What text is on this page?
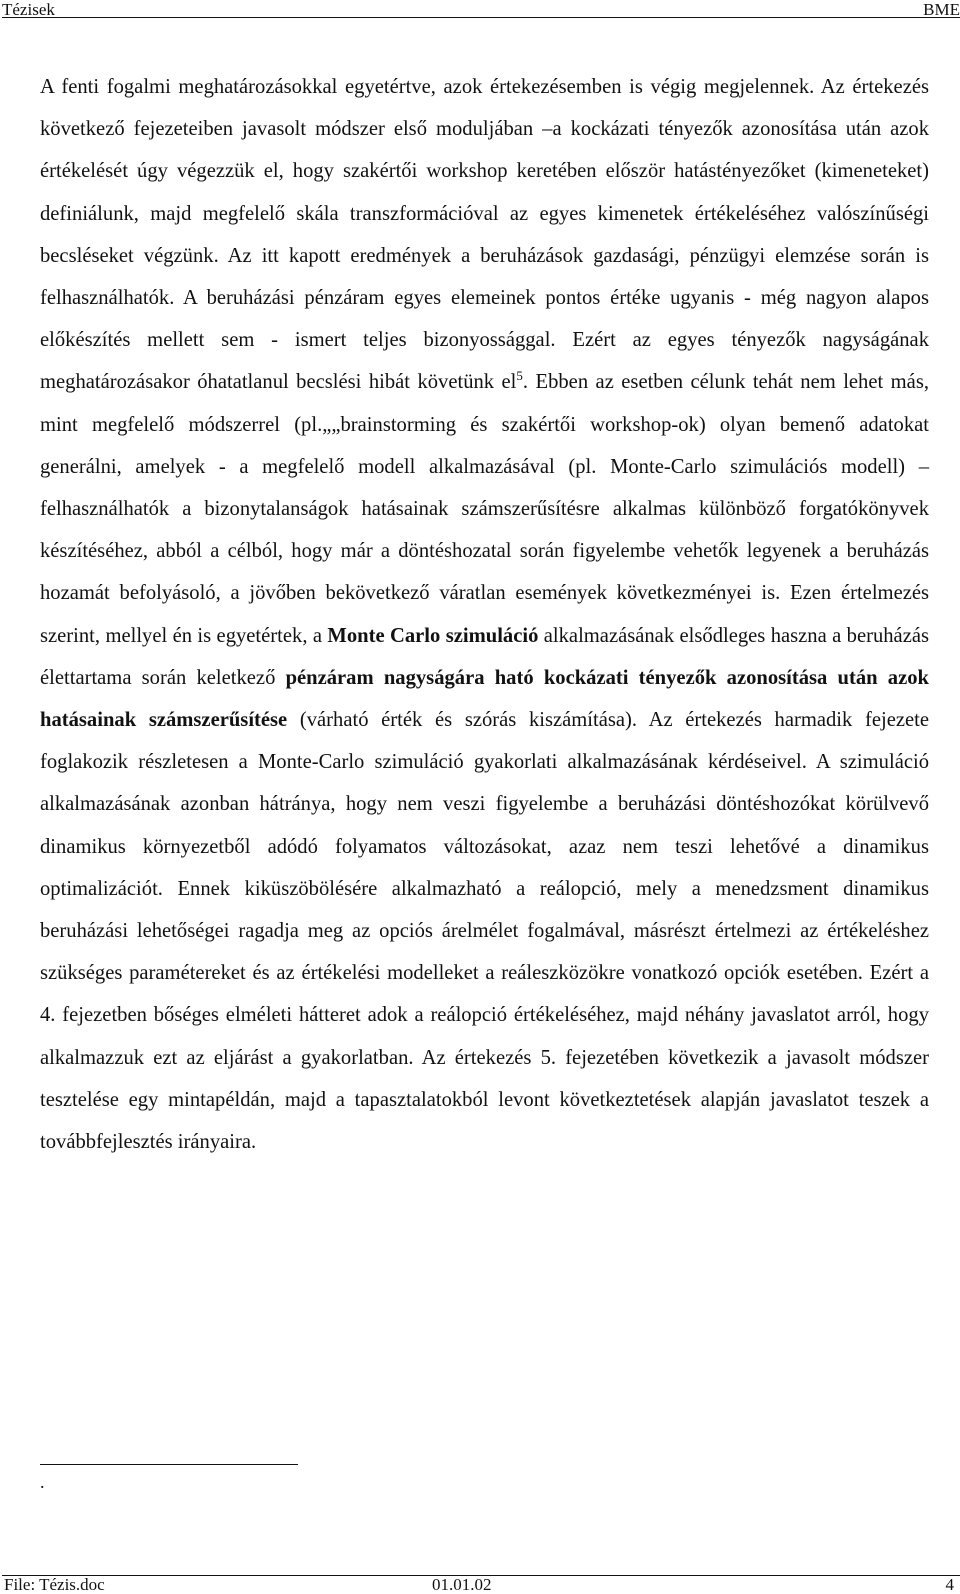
Tézisek	BME

A fenti fogalmi meghatározásokkal egyetértve, azok értekezésemben is végig megjelennek. Az értekezés következő fejezeteiben javasolt módszer első moduljában –a kockázati tényezők azonosítása után azok értékelését úgy végezzük el, hogy szakértői workshop keretében először hatástényezőket (kimeneteket) definiálunk, majd megfelelő skála transzformációval az egyes kimenetek értékeléséhez valószínűségi becsléseket végzünk. Az itt kapott eredmények a beruházások gazdasági, pénzügyi elemzése során is felhasználhatók. A beruházási pénzáram egyes elemeinek pontos értéke ugyanis - még nagyon alapos előkészítés mellett sem - ismert teljes bizonyossággal. Ezért az egyes tényezők nagyságának meghatározásakor óhatatlanul becslési hibát követünk $el^5$. Ebben az esetben célunk tehát nem lehet más, mint megfelelő módszerrel (pl.„„brainstorming és szakértői workshop-ok) olyan bemenő adatokat generálni, amelyek - a megfelelő modell alkalmazásával (pl. Monte-Carlo szimulációs modell) – felhasználhatók a bizonytalanságok hatásainak számszerűsítésre alkalmas különböző forgatókönyvek készítéséhez, abból a célból, hogy már a döntéshozatal során figyelembe vehetők legyenek a beruházás hozamát befolyásoló, a jövőben bekövetkező váratlan események következményei is. Ezen értelmezés szerint, mellyel én is egyetértek, a Monte Carlo szimuláció alkalmazásának elsődleges haszna a beruházás élettartama során keletkező pénzáram nagyságára ható kockázati tényezők azonosítása után azok hatásainak számszerűsítése (várható érték és szórás kiszámítása). Az értekezés harmadik fejezete foglakozik részletesen a Monte-Carlo szimuláció gyakorlati alkalmazásának kérdéseivel. A szimuláció alkalmazásának azonban hátránya, hogy nem veszi figyelembe a beruházási döntéshozókat körülvevő dinamikus környezetből adódó folyamatos változásokat, azaz nem teszi lehetővé a dinamikus optimalizációt. Ennek kiküszöbölésére alkalmazható a reálopció, mely a menedzsment dinamikus beruházási lehetőségei ragadja meg az opciós árelmélet fogalmával, másrészt értelmezi az értékeléshez szükséges paramétereket és az értékelési modelleket a reáleszközökre vonatkozó opciók esetében. Ezért a 4. fejezetben bőséges elméleti hátteret adok a reálopció értékeléséhez, majd néhány javaslatot arról, hogy alkalmazzuk ezt az eljárást a gyakorlatban. Az értekezés 5. fejezetében következik a javasolt módszer tesztelése egy mintapéldán, majd a tapasztalatokból levont következtetések alapján javaslatot teszek a továbbfejlesztés irányaira.

.
File: Tézis.doc	01.01.02	4
